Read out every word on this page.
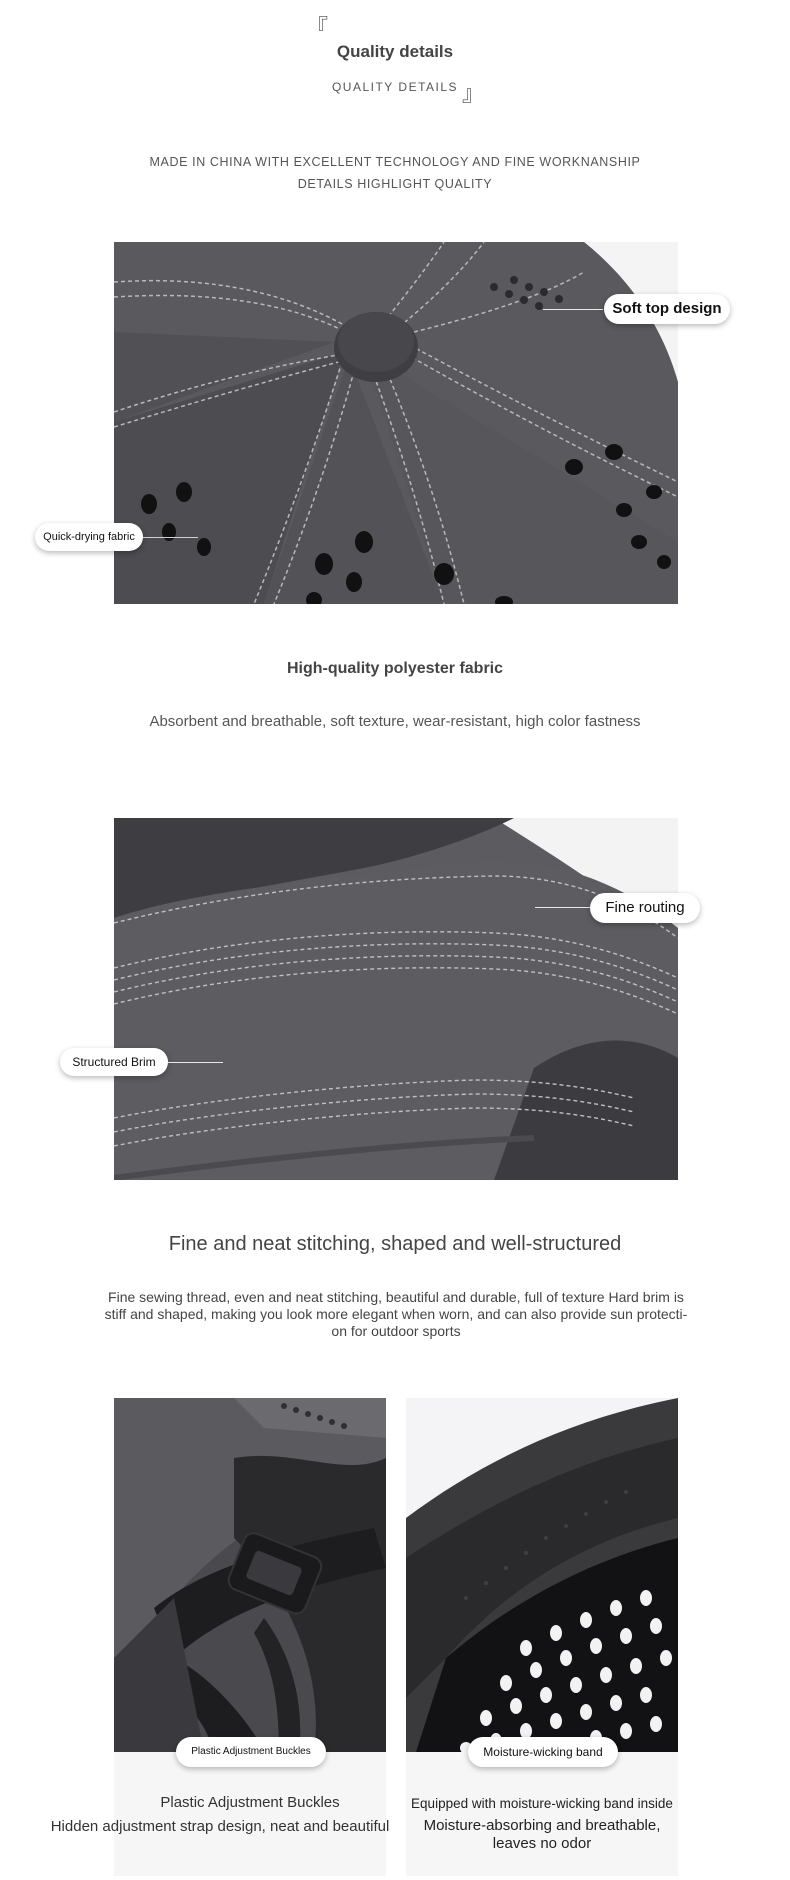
『
Quality details
QUALITY DETAILS 』
MADE IN CHINA WITH EXCELLENT TECHNOLOGY AND FINE WORKNANSHIP
DETAILS HIGHLIGHT QUALITY
Soft top design
Quick-drying fabric
High-quality polyester fabric
Absorbent and breathable, soft texture, wear-resistant, high color fastness
Fine routing
Structured Brim
Fine and neat stitching, shaped and well-structured
Fine sewing thread, even and neat stitching, beautiful and durable, full of texture Hard brim is
stiff and shaped, making you look more elegant when worn, and can also provide sun protecti-
on for outdoor sports
Plastic Adjustment Buckles
Plastic Adjustment Buckles
Hidden adjustment strap design, neat and beautiful
Moisture-wicking band
Equipped with moisture-wicking band inside
Moisture-absorbing and breathable,
leaves no odor
